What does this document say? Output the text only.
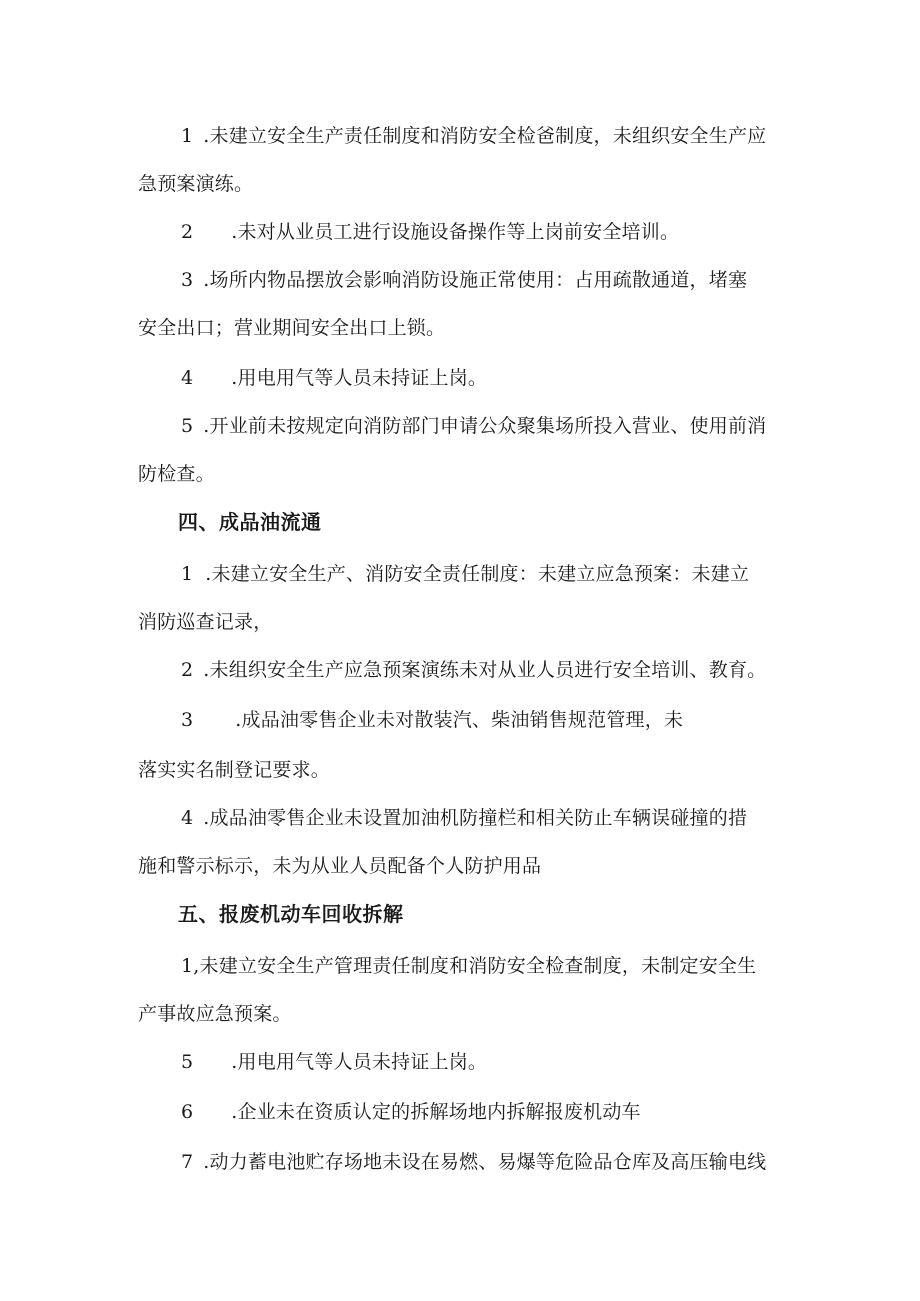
1 .未建立安全生产责任制度和消防安全检爸制度，未组织安全生产应
急预案演练。
2 .未对从业员工进行设施设备操作等上岗前安全培训。
3 .场所内物品摆放会影响消防设施正常使用：占用疏散通道，堵塞
安全出口；营业期间安全出口上锁。
4 .用电用气等人员未持证上岗。
5 .开业前未按规定向消防部门申请公众聚集场所投入营业、使用前消
防检查。
四、成品油流通
1 .未建立安全生产、消防安全责任制度：未建立应急预案：未建立
消防巡查记录，
2 .未组织安全生产应急预案演练未对从业人员进行安全培训、教育。
3 .成品油零售企业未对散装汽、柴油销售规范管理，未
落实实名制登记要求。
4 .成品油零售企业未设置加油机防撞栏和相关防止车辆误碰撞的措
施和警示标示，未为从业人员配备个人防护用品
五、报废机动车回收拆解
1,未建立安全生产管理责任制度和消防安全检查制度，未制定安全生
产事故应急预案。
5 .用电用气等人员未持证上岗。
6 .企业未在资质认定的拆解场地内拆解报废机动车
7 .动力蓄电池贮存场地未设在易燃、易爆等危险品仓库及高压输电线
